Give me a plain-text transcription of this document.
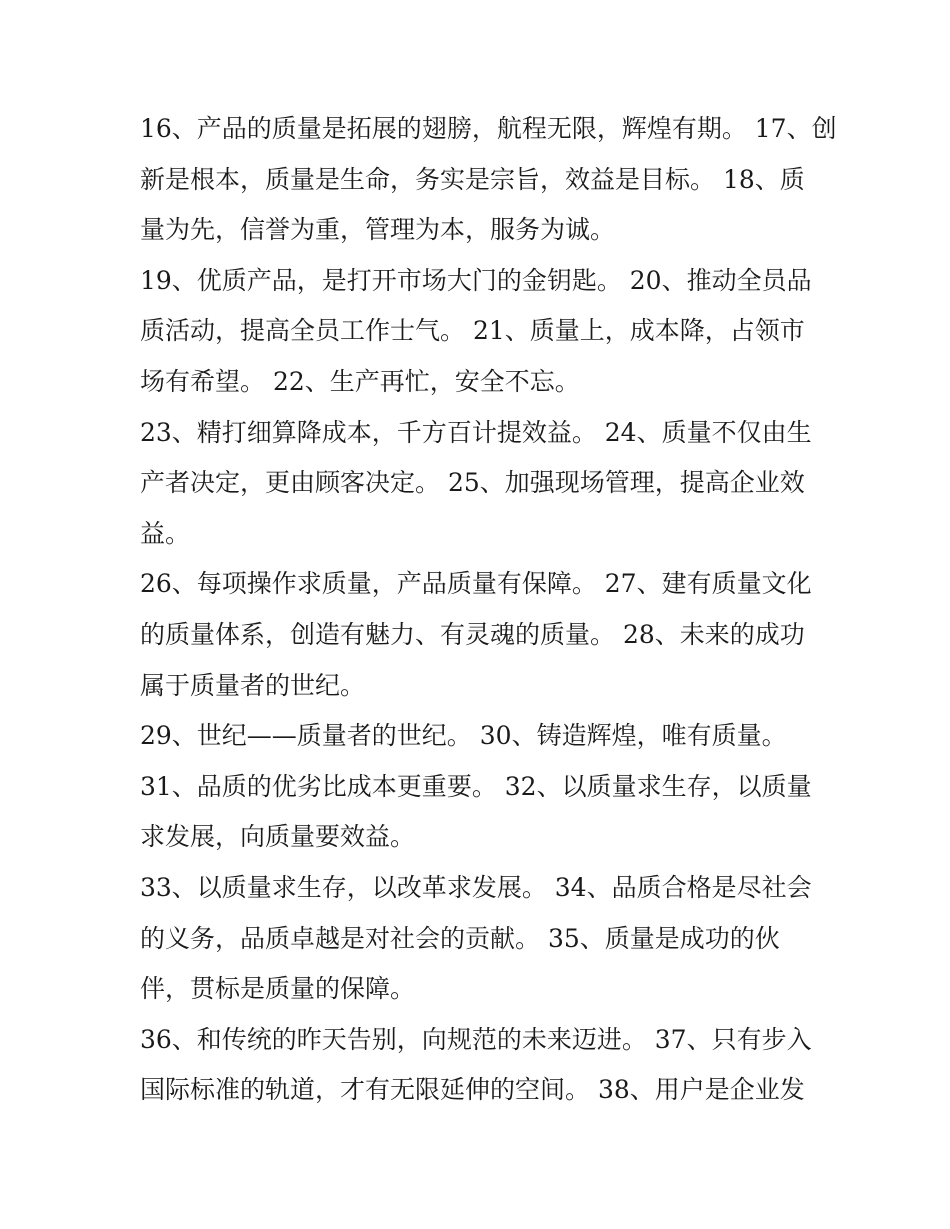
16、产品的质量是拓展的翅膀，航程无限，辉煌有期。 17、创
新是根本，质量是生命，务实是宗旨，效益是目标。 18、质
量为先，信誉为重，管理为本，服务为诚。
19、优质产品，是打开市场大门的金钥匙。 20、推动全员品
质活动，提高全员工作士气。 21、质量上，成本降，占领市
场有希望。 22、生产再忙，安全不忘。
23、精打细算降成本，千方百计提效益。 24、质量不仅由生
产者决定，更由顾客决定。 25、加强现场管理，提高企业效
益。
26、每项操作求质量，产品质量有保障。 27、建有质量文化
的质量体系，创造有魅力、有灵魂的质量。 28、未来的成功
属于质量者的世纪。
29、世纪——质量者的世纪。 30、铸造辉煌，唯有质量。
31、品质的优劣比成本更重要。 32、以质量求生存，以质量
求发展，向质量要效益。
33、以质量求生存，以改革求发展。 34、品质合格是尽社会
的义务，品质卓越是对社会的贡献。 35、质量是成功的伙
伴，贯标是质量的保障。
36、和传统的昨天告别，向规范的未来迈进。 37、只有步入
国际标准的轨道，才有无限延伸的空间。 38、用户是企业发
